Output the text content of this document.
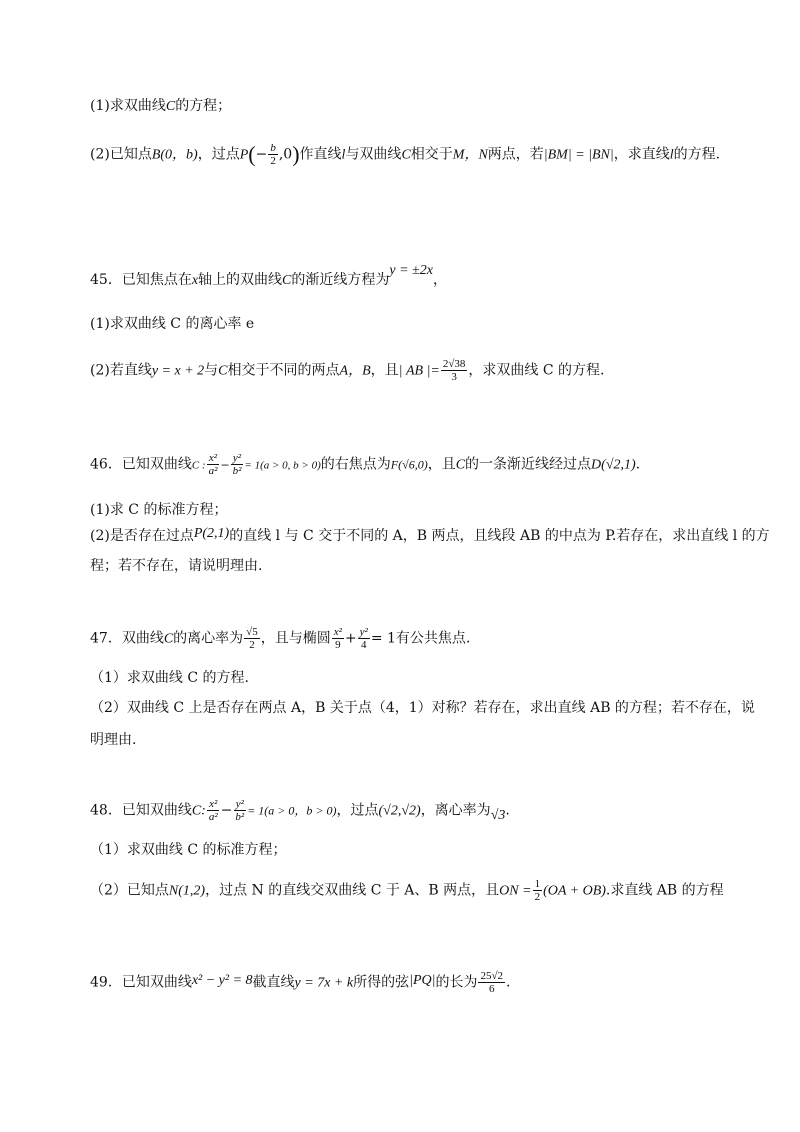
(1)求双曲线C的方程；
(2)已知点B(0，b)，过点$P(- \frac{b}{2} ,0)$作直线l与双曲线C相交于M，N两点，若|BM| = |BN|，求直线l的方程.
45．已知焦点在x轴上的双曲线C的渐近线方程为y = ±2x，
(1)求双曲线 C 的离心率 e
(2)若直线y = x + 2与C相交于不同的两点A，B，且| AB |= $\frac{2√38}{3}$ ，求双曲线 C 的方程.
46．已知双曲线C : $\frac{\text{x²}}{\text{a²}} - \frac{\text{y²}}{\text{b²}} = 1(a > 0$, b > 0)的右焦点为F(√6,0)，且C的一条渐近线经过点D(√2,1).
(1)求 C 的标准方程；
(2)是否存在过点P(2,1)的直线 l 与 C 交于不同的 A，B 两点，且线段 AB 的中点为 P.若存在，求出直线 l 的方
程；若不存在，请说明理由.
47．双曲线C的离心率为 $\frac{√5}{2}$ ，且与椭圆 $\frac{\text{x²}}{9} + \frac{\text{y²}}{4} = 1$有公共焦点.
（1）求双曲线 C 的方程.
（2）双曲线 C 上是否存在两点 A，B 关于点（4，1）对称？若存在，求出直线 AB 的方程；若不存在，说
明理由.
48．已知双曲线C: $\frac{\text{x²}}{\text{a²}} - \frac{\text{y²}}{\text{b²}} = 1(a > 0$，b > 0)，过点(√2,√2)，离心率为√3.
（1）求双曲线 C 的标准方程；
（2）已知点N(1,2)，过点 N 的直线交双曲线 C 于 A、B 两点，且ON = $\frac{1}{2} (OA + OB)$.求直线 AB 的方程
49．已知双曲线x² − y² = 8截直线y = 7x + k所得的弦|PQ|的长为 $\frac{25√2}{6}$ .
